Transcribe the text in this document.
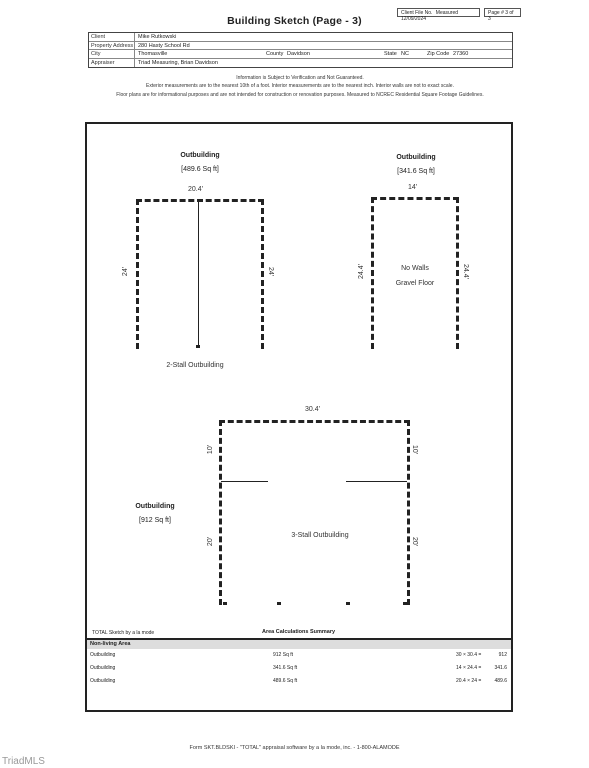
Client File No. Measured 12/09/2024
Page # 3 of 3
Building Sketch (Page - 3)
Client	Mike Rutkowski
Property Address 280 Hasty School Rd
City	Thomasville	County Davidson	State NC	Zip Code 27360
Appraiser	Triad Measuring, Brian Davidson
Information is Subject to Verification and Not Guaranteed.
Exterior measurements are to the nearest 10th of a foot. Interior measurements are to the nearest inch. Interior walls are not to exact scale.
Floor plans are for informational purposes and are not intended for construction or renovation purposes. Measured to NCREC Residential Square Footage Guidelines.
Outbuilding
[489.6 Sq ft]
20.4'
24'	24'
2-Stall Outbuilding
Outbuilding
[341.6 Sq ft]
14'
24.4'	24.4'
No Walls
Gravel Floor
30.4'
10'
20'
10'
20'
3-Stall Outbuilding
Outbuilding
[912 Sq ft]
TOTAL Sketch by a la mode	Area Calculations Summary
Non-living Area
Outbuilding	912 Sq ft	30 × 30.4 =	912
Outbuilding	341.6 Sq ft	14 × 24.4 =	341.6
Outbuilding	489.6 Sq ft	20.4 × 24 =	489.6
Form SKT.BLDSKI - "TOTAL" appraisal software by a la mode, inc. - 1-800-ALAMODE
TriadMLS
